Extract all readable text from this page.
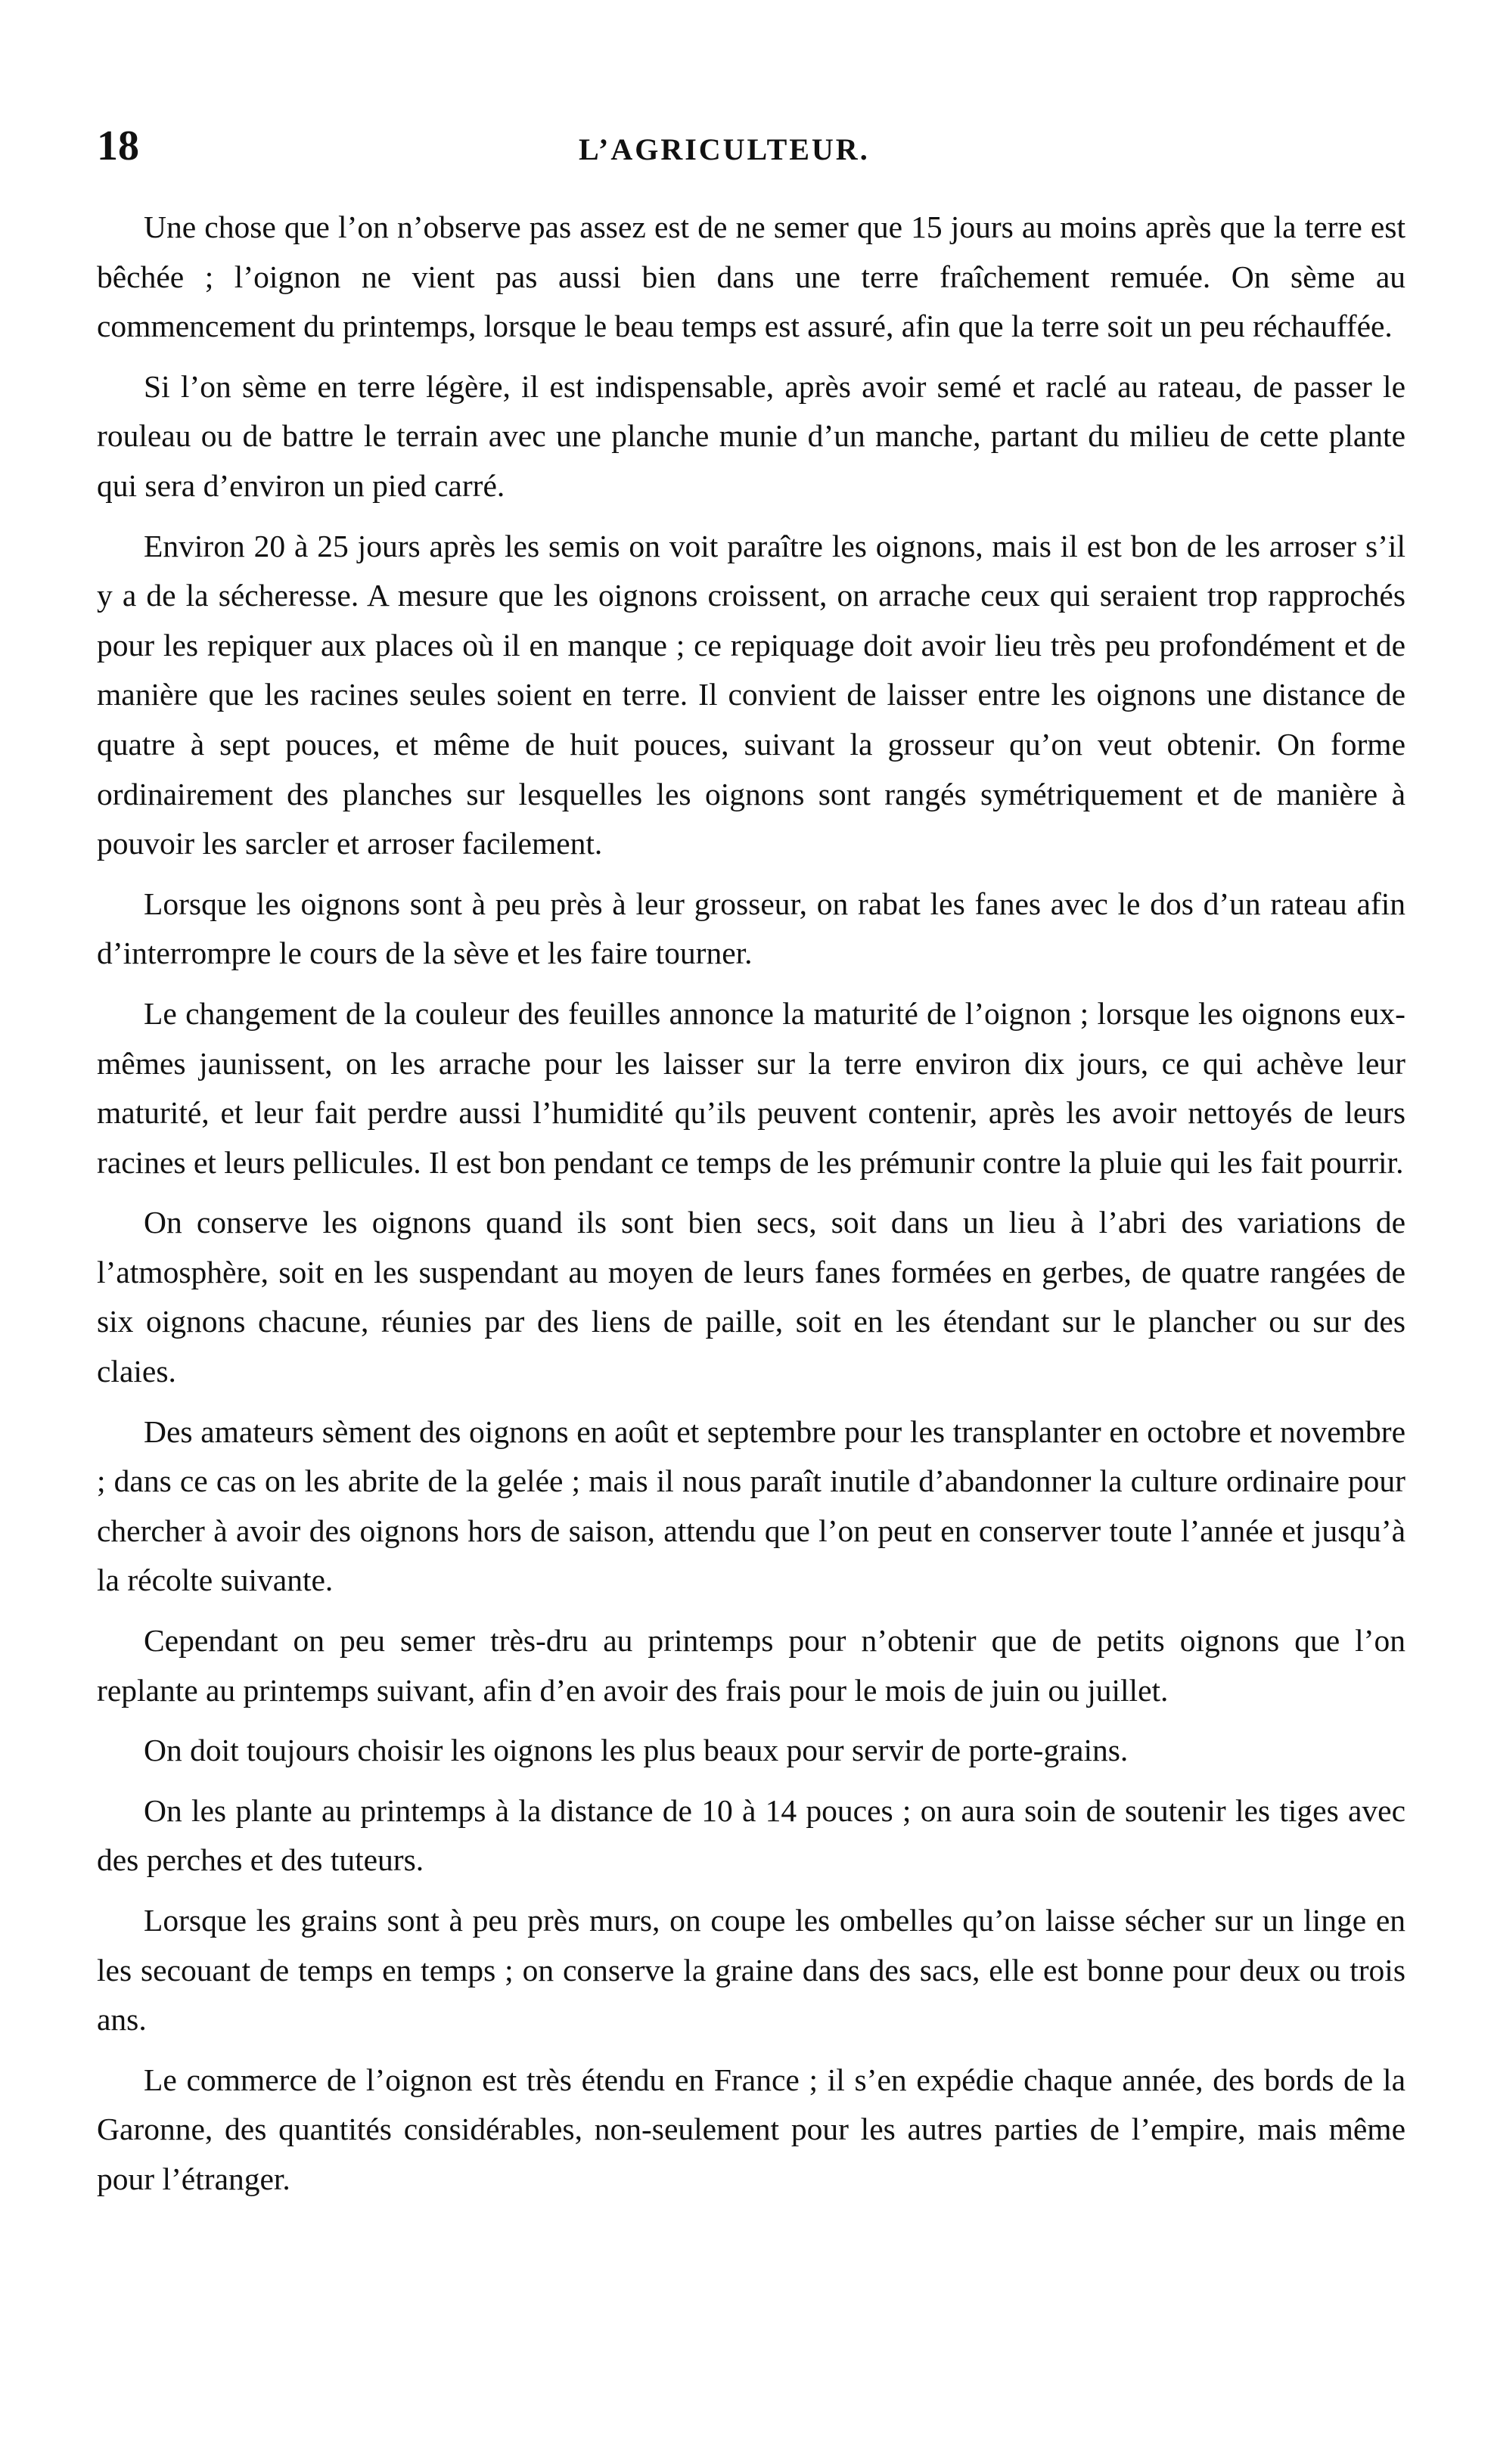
18	L’AGRICULTEUR.

Une chose que l’on n’observe pas assez est de ne semer que 15 jours au moins après que la terre est bêchée ; l’oignon ne vient pas aussi bien dans une terre fraîchement remuée. On sème au commencement du printemps, lorsque le beau temps est assuré, afin que la terre soit un peu réchauffée.

Si l’on sème en terre légère, il est indispensable, après avoir semé et raclé au rateau, de passer le rouleau ou de battre le terrain avec une planche munie d’un manche, partant du milieu de cette plante qui sera d’environ un pied carré.

Environ 20 à 25 jours après les semis on voit paraître les oignons, mais il est bon de les arroser s’il y a de la sécheresse. A mesure que les oignons croissent, on arrache ceux qui seraient trop rapprochés pour les repiquer aux places où il en manque ; ce repiquage doit avoir lieu très peu profondément et de manière que les racines seules soient en terre. Il convient de laisser entre les oignons une distance de quatre à sept pouces, et même de huit pouces, suivant la grosseur qu’on veut obtenir. On forme ordinairement des planches sur lesquelles les oignons sont rangés symétriquement et de manière à pouvoir les sarcler et arroser facilement.

Lorsque les oignons sont à peu près à leur grosseur, on rabat les fanes avec le dos d’un rateau afin d’interrompre le cours de la sève et les faire tourner.

Le changement de la couleur des feuilles annonce la maturité de l’oignon ; lorsque les oignons eux-mêmes jaunissent, on les arrache pour les laisser sur la terre environ dix jours, ce qui achève leur maturité, et leur fait perdre aussi l’humidité qu’ils peuvent contenir, après les avoir nettoyés de leurs racines et leurs pellicules. Il est bon pendant ce temps de les prémunir contre la pluie qui les fait pourrir.

On conserve les oignons quand ils sont bien secs, soit dans un lieu à l’abri des variations de l’atmosphère, soit en les suspendant au moyen de leurs fanes formées en gerbes, de quatre rangées de six oignons chacune, réunies par des liens de paille, soit en les étendant sur le plancher ou sur des claies.

Des amateurs sèment des oignons en août et septembre pour les transplanter en octobre et novembre ; dans ce cas on les abrite de la gelée ; mais il nous paraît inutile d’abandonner la culture ordinaire pour chercher à avoir des oignons hors de saison, attendu que l’on peut en conserver toute l’année et jusqu’à la récolte suivante.

Cependant on peu semer très-dru au printemps pour n’obtenir que de petits oignons que l’on replante au printemps suivant, afin d’en avoir des frais pour le mois de juin ou juillet.

On doit toujours choisir les oignons les plus beaux pour servir de porte-grains.

On les plante au printemps à la distance de 10 à 14 pouces ; on aura soin de soutenir les tiges avec des perches et des tuteurs.

Lorsque les grains sont à peu près murs, on coupe les ombelles qu’on laisse sécher sur un linge en les secouant de temps en temps ; on conserve la graine dans des sacs, elle est bonne pour deux ou trois ans.

Le commerce de l’oignon est très étendu en France ; il s’en expédie chaque année, des bords de la Garonne, des quantités considérables, non-seulement pour les autres parties de l’empire, mais même pour l’étranger.
